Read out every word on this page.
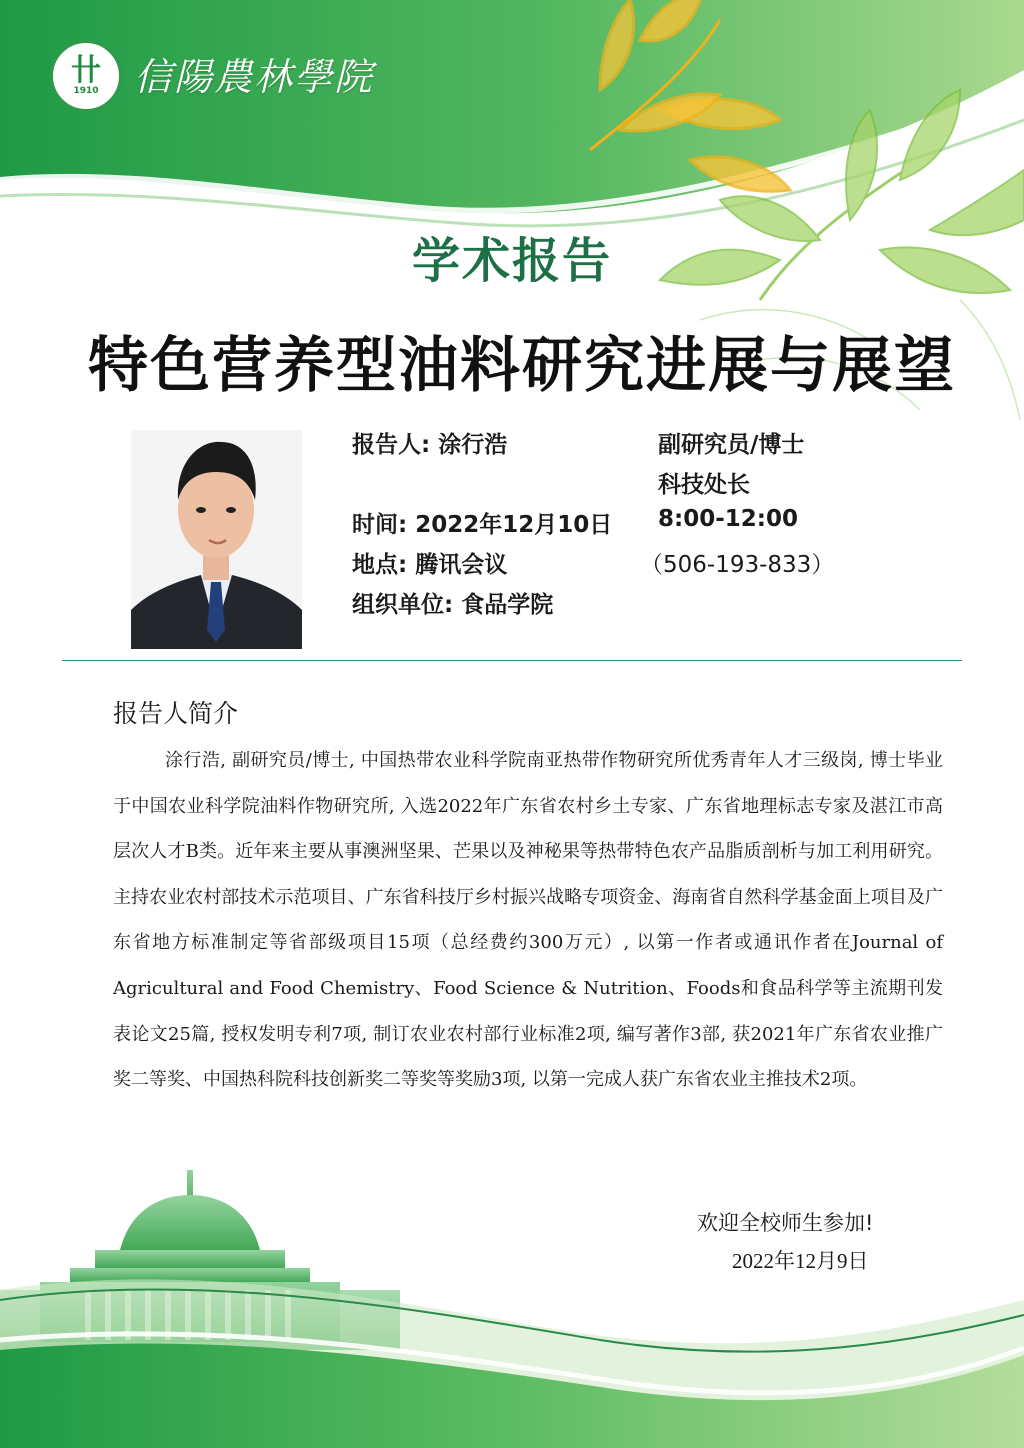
卄
1910 信陽農林學院
学术报告
特色营养型油料研究进展与展望
报告人: 涂行浩	副研究员/博士
科技处长
时间: 2022年12月10日 8:00-12:00
地点: 腾讯会议	（506-193-833）
组织单位: 食品学院
报告人简介

涂行浩, 副研究员/博士, 中国热带农业科学院南亚热带作物研究所优秀青年人才三级岗, 博士毕业于中国农业科学院油料作物研究所, 入选2022年广东省农村乡土专家、广东省地理标志专家及湛江市高层次人才B类。近年来主要从事澳洲坚果、芒果以及神秘果等热带特色农产品脂质剖析与加工利用研究。主持农业农村部技术示范项目、广东省科技厅乡村振兴战略专项资金、海南省自然科学基金面上项目及广东省地方标准制定等省部级项目15项（总经费约300万元）, 以第一作者或通讯作者在Journal of Agricultural and Food Chemistry、Food Science & Nutrition、Foods和食品科学等主流期刊发表论文25篇, 授权发明专利7项, 制订农业农村部行业标准2项, 编写著作3部, 获2021年广东省农业推广奖二等奖、中国热科院科技创新奖二等奖等奖励3项, 以第一完成人获广东省农业主推技术2项。

欢迎全校师生参加!
2022年12月9日
